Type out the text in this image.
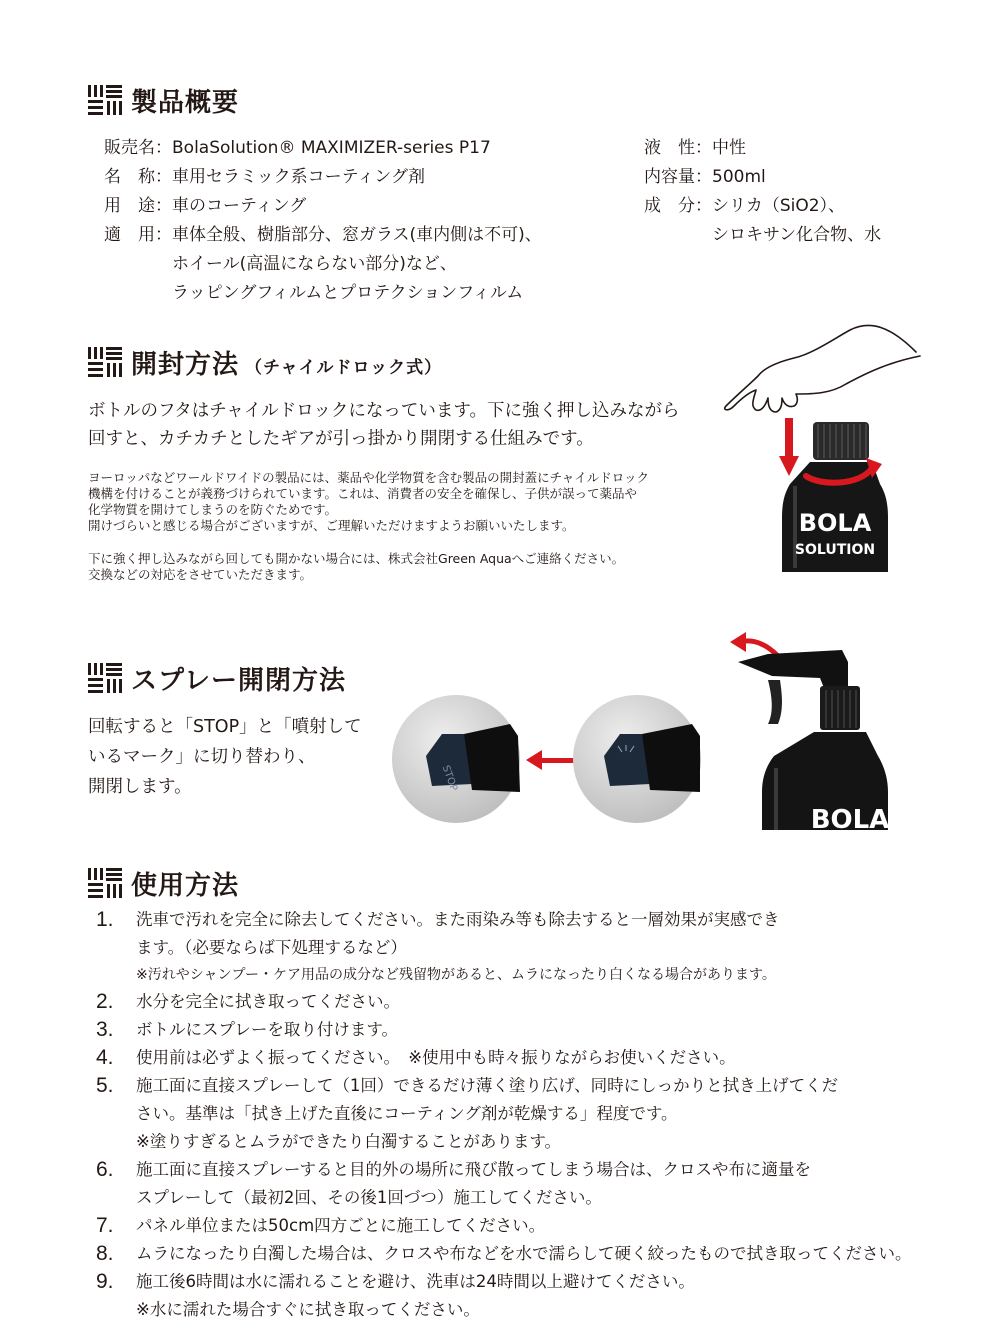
製品概要
販売名：BolaSolution® MAXIMIZER-series P17
名　称：車用セラミック系コーティング剤
用　途：車のコーティング
適　用：車体全般、樹脂部分、窓ガラス(車内側は不可)、
ホイール(高温にならない部分)など、
ラッピングフィルムとプロテクションフィルム
液　性：中性
内容量：500ml
成　分：シリカ（SiO2）、
シロキサン化合物、水
開封方法 （チャイルドロック式）
ボトルのフタはチャイルドロックになっています。下に強く押し込みながら
回すと、カチカチとしたギアが引っ掛かり開閉する仕組みです。
ヨーロッパなどワールドワイドの製品には、薬品や化学物質を含む製品の開封蓋にチャイルドロック
機構を付けることが義務づけられています。これは、消費者の安全を確保し、子供が誤って薬品や
化学物質を開けてしまうのを防ぐためです。
開けづらいと感じる場合がございますが、ご理解いただけますようお願いいたします。
下に強く押し込みながら回しても開かない場合には、株式会社Green Aquaへご連絡ください。
交換などの対応をさせていただきます。
BOLA
SOLUTION
スプレー開閉方法
回転すると「STOP」と「噴射して
いるマーク」に切り替わり、
開閉します。	STOP
BOLA
使用方法
1. 洗車で汚れを完全に除去してください。また雨染み等も除去すると一層効果が実感でき
ます。（必要ならば下処理するなど）
※汚れやシャンプー・ケア用品の成分など残留物があると、ムラになったり白くなる場合があります。
2. 水分を完全に拭き取ってください。
3. ボトルにスプレーを取り付けます。
4. 使用前は必ずよく振ってください。　※使用中も時々振りながらお使いください。
5. 施工面に直接スプレーして（1回）できるだけ薄く塗り広げ、同時にしっかりと拭き上げてくだ
さい。基準は「拭き上げた直後にコーティング剤が乾燥する」程度です。
※塗りすぎるとムラができたり白濁することがあります。
6. 施工面に直接スプレーすると目的外の場所に飛び散ってしまう場合は、クロスや布に適量を
スプレーして（最初2回、その後1回づつ）施工してください。
7. パネル単位または50cm四方ごとに施工してください。
8. ムラになったり白濁した場合は、クロスや布などを水で濡らして硬く絞ったもので拭き取ってください。
9. 施工後6時間は水に濡れることを避け、洗車は24時間以上避けてください。
※水に濡れた場合すぐに拭き取ってください。
